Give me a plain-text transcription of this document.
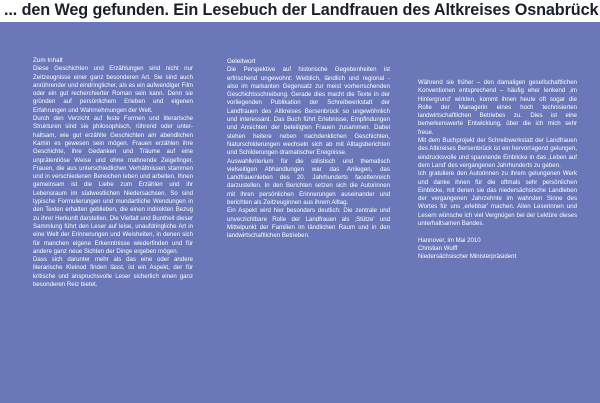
... den Weg gefunden. Ein Lesebuch der Landfrauen des Altkreises Osnabrück

Zum Inhalt

Diese Geschichten und Erzählungen sind nicht nur Zeitzeugnisse einer ganz besonderen Art. Sie sind auch anrührender und eindringlicher, als es ein aufwendiger Film oder ein gut recherchierter Roman sein kann. Denn sie gründen auf persönlichem Erleben und eigenen Erfahrungen und Wahrnehmungen der Welt.

Durch den Verzicht auf feste Formen und literarische Strukturen sind sie philosophisch, rührend oder unter-haltsam, wie gut erzählte Geschichten am abendlichen Kamin es gewesen sein mögen. Frauen erzählen ihre Geschichte, ihre Gedanken und Träume auf eine unprätentiöse Weise und ohne mahnende Zeigefinger, Frauen, die aus unterschiedlichen Verhältnissen stammen und in verschiedenen Bereichen leben und arbeiten. Ihnen gemeinsam ist die Liebe zum Erzählen und ihr Lebensraum im südwestlichen Niedersachsen. So sind typische Formulierungen und mundartliche Wendungen in den Texten erhalten geblieben, die einen indirekten Bezug zu ihrer Herkunft darstellen. Die Vielfalt und Buntheit dieser Sammlung führt den Leser auf leise, unaufdringliche Art in eine Welt der Erinnerungen und Weisheiten, in denen sich für manchen eigene Erkenntnisse wiederfinden und für andere ganz neue Sichten der Dinge ergeben mögen.

Dass sich darunter mehr als das eine oder andere literarische Kleinod finden lässt, ist ein Aspekt, der für kritische und anspruchsvolle Leser sicherlich einen ganz besonderen Reiz bietet.

Geleitwort

Die Perspektive auf historische Gegebenheiten ist erfrischend ungewohnt: Weiblich, ländlich und regional - also im markanten Gegensatz zur meist vorherrschenden Geschichtsschreibung. Gerade dies macht die Texte in der vorliegenden Publikation der Schreibwerkstatt der Landfrauen des Altkreises Bersenbrück so ungewöhnlich und interessant. Das Buch führt Erlebnisse, Empfindungen und Ansichten der beteiligten Frauen zusammen. Dabei stehen heitere neben nachdenklichen Geschichten, Naturschilderungen wechseln sich ab mit Alltagsberichten und Schilderungen dramatischer Ereignisse.

Auswahlkriterium für die stilistisch und thematisch vielseitigen Abhandlungen war das Anliegen, das Landfrauenleben des 20. Jahrhunderts facettenreich darzustellen. In den Berichten setzen sich die Autorinnen mit ihren persönlichen Erinnerungen auseinander und berichten als Zeitzeuginnen aus ihrem Alltag.

Ein Aspekt wird hier besonders deutlich: Die zentrale und unverzichtbare Rolle der Landfrauen als ‚Stütze' und Mittelpunkt der Familien im ländlichen Raum und in den landwirtschaftlichen Betrieben.

Während sie früher – den damaligen gesellschaftlichen Konventionen entsprechend – häufig eher lenkend ‚im Hintergrund' wirkten, kommt ihnen heute oft sogar die Rolle der Managerin eines hoch technisierten landwirtschaftlichen Betriebes zu. Dies ist eine bemerkenswerte Entwicklung, über die ich mich sehr freue.

Mit dem Buchprojekt der Schreibwerkstatt der Landfrauen des Altkreises Bersenbrück ist ein hervorragend gelungen, eindrucksvolle und spannende Einblicke in das ‚Leben auf dem Land' des vergangenen Jahrhunderts zu geben.

Ich gratuliere den Autorinnen zu ihrem gelungenen Werk und danke ihnen für die oftmals sehr persönlichen Einblicke, mit denen sie das niedersächsische Landleben der vergangenen Jahrzehnte im wahrsten Sinne des Wortes für uns ‚erlebbar' machen. Allen Leserinnen und Lesern wünsche ich viel Vergnügen bei der Lektüre dieses unterhaltsamen Bandes.

Hannover, im Mai 2010

Christian Wulff

Niedersächsischer Ministerpräsident
